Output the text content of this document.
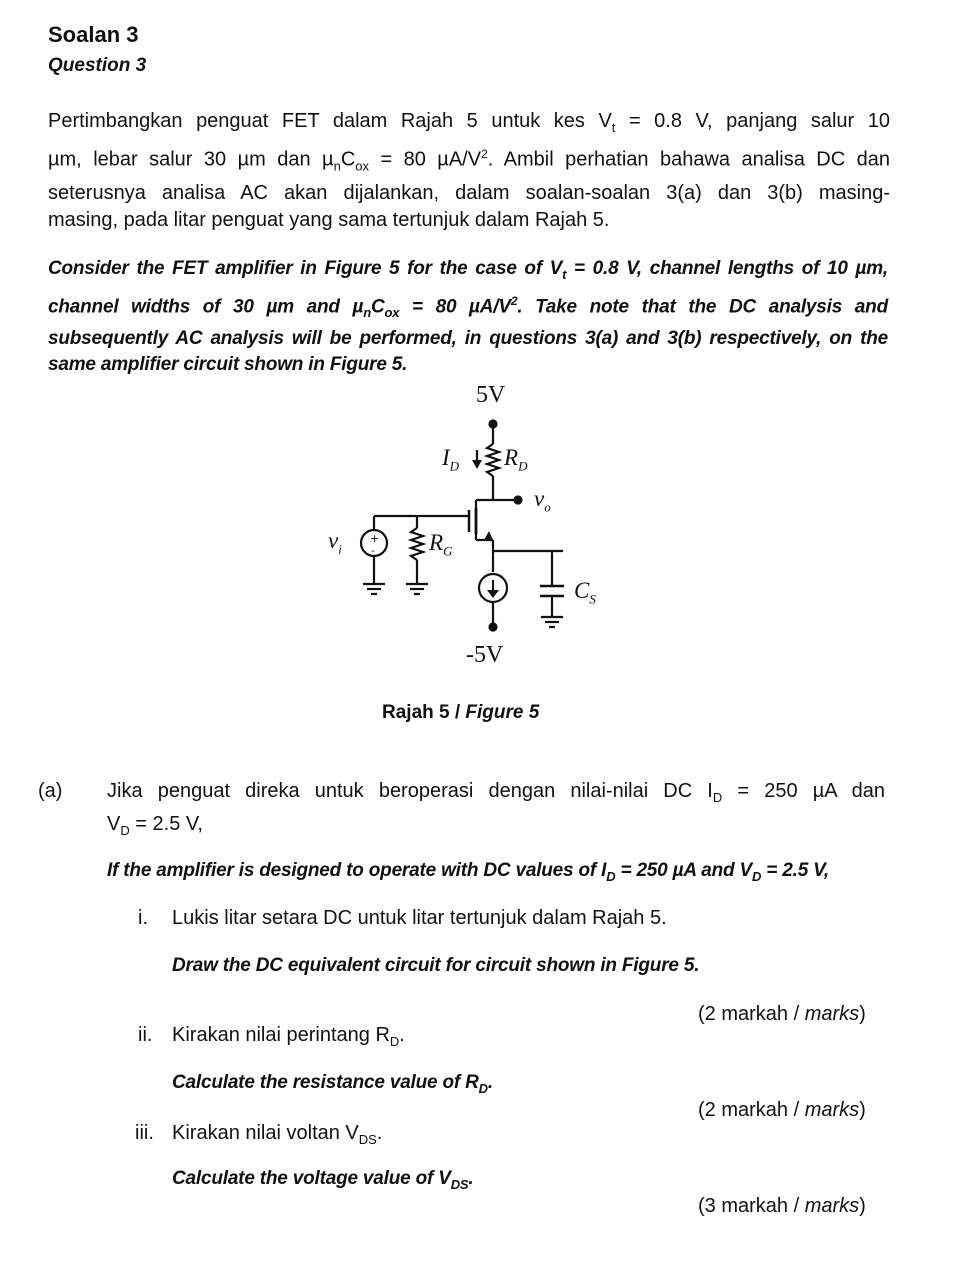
Soalan 3
Question 3
Pertimbangkan penguat FET dalam Rajah 5 untuk kes $V_t = 0.8$ V, panjang salur 10
µm, lebar salur 30 µm dan $\mu_nC_{ox} = 80$ $\mu A/V^2$. Ambil perhatian bahawa analisa DC dan
seterusnya analisa AC akan dijalankan, dalam soalan-soalan 3(a) dan 3(b) masing-
masing, pada litar penguat yang sama tertunjuk dalam Rajah 5.
Consider the FET amplifier in Figure 5 for the case of $V_t = 0.8$ V, channel lengths of 10 µm,
channel widths of 30 µm and $\mu_nC_{ox} = 80$ $\mu A/V^2$. Take note that the DC analysis and
subsequently AC analysis will be performed, in questions 3(a) and 3(b) respectively, on the
same amplifier circuit shown in Figure 5.
+
-
5V
-5V
$I_D$ $R_D$
$v_o$
$v_i$	$R_G$
$C_S$
Rajah 5 / Figure 5
(a) Jika penguat direka untuk beroperasi dengan nilai-nilai DC $I_D = 250$ µA dan
$V_D = 2.5$ V,
If the amplifier is designed to operate with DC values of $I_D = 250$ µA and $V_D = 2.5$ V,
i. Lukis litar setara DC untuk litar tertunjuk dalam Rajah 5.
Draw the DC equivalent circuit for circuit shown in Figure 5.
(2 markah / marks)
ii. Kirakan nilai perintang $R_D$.
Calculate the resistance value of $R_D$.
(2 markah / marks)
iii. Kirakan nilai voltan $V_{DS}$.
Calculate the voltage value of $V_{DS}$.
(3 markah / marks)
